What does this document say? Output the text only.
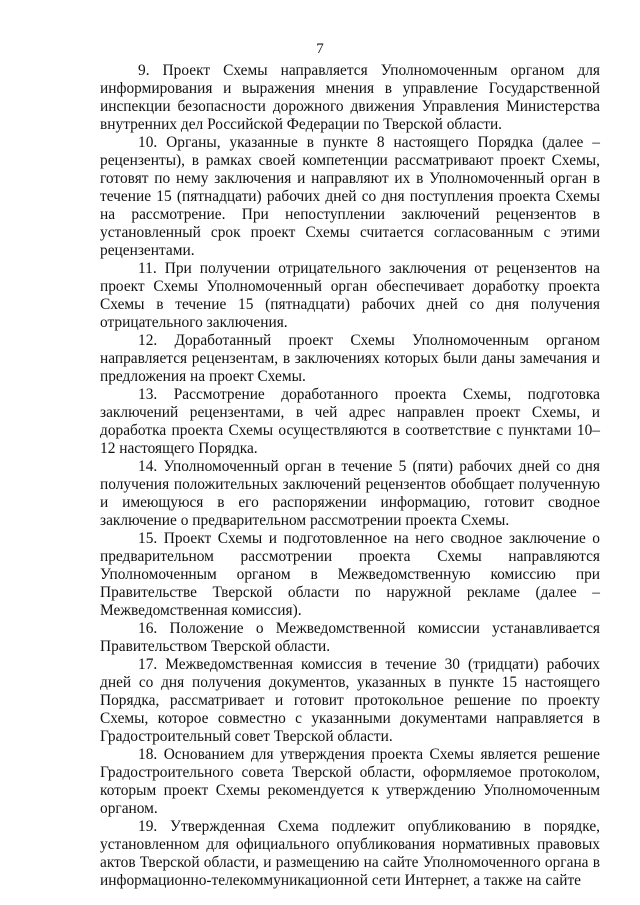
7

9. Проект Схемы направляется Уполномоченным органом для информирования и выражения мнения в управление Государственной инспекции безопасности дорожного движения Управления Министерства внутренних дел Российской Федерации по Тверской области.

10. Органы, указанные в пункте 8 настоящего Порядка (далее – рецензенты), в рамках своей компетенции рассматривают проект Схемы, готовят по нему заключения и направляют их в Уполномоченный орган в течение 15 (пятнадцати) рабочих дней со дня поступления проекта Схемы на рассмотрение. При непоступлении заключений рецензентов в установленный срок проект Схемы считается согласованным с этими рецензентами.

11. При получении отрицательного заключения от рецензентов на проект Схемы Уполномоченный орган обеспечивает доработку проекта Схемы в течение 15 (пятнадцати) рабочих дней со дня получения отрицательного заключения.

12. Доработанный проект Схемы Уполномоченным органом направляется рецензентам, в заключениях которых были даны замечания и предложения на проект Схемы.

13. Рассмотрение доработанного проекта Схемы, подготовка заключений рецензентами, в чей адрес направлен проект Схемы, и доработка проекта Схемы осуществляются в соответствие с пунктами 10–12 настоящего Порядка.

14. Уполномоченный орган в течение 5 (пяти) рабочих дней со дня получения положительных заключений рецензентов обобщает полученную и имеющуюся в его распоряжении информацию, готовит сводное заключение о предварительном рассмотрении проекта Схемы.

15. Проект Схемы и подготовленное на него сводное заключение о предварительном рассмотрении проекта Схемы направляются Уполномоченным органом в Межведомственную комиссию при Правительстве Тверской области по наружной рекламе (далее – Межведомственная комиссия).

16. Положение о Межведомственной комиссии устанавливается Правительством Тверской области.

17. Межведомственная комиссия в течение 30 (тридцати) рабочих дней со дня получения документов, указанных в пункте 15 настоящего Порядка, рассматривает и готовит протокольное решение по проекту Схемы, которое совместно с указанными документами направляется в Градостроительный совет Тверской области.

18. Основанием для утверждения проекта Схемы является решение Градостроительного совета Тверской области, оформляемое протоколом, которым проект Схемы рекомендуется к утверждению Уполномоченным органом.

19. Утвержденная Схема подлежит опубликованию в порядке, установленном для официального опубликования нормативных правовых актов Тверской области, и размещению на сайте Уполномоченного органа в информационно-телекоммуникационной сети Интернет, а также на сайте
